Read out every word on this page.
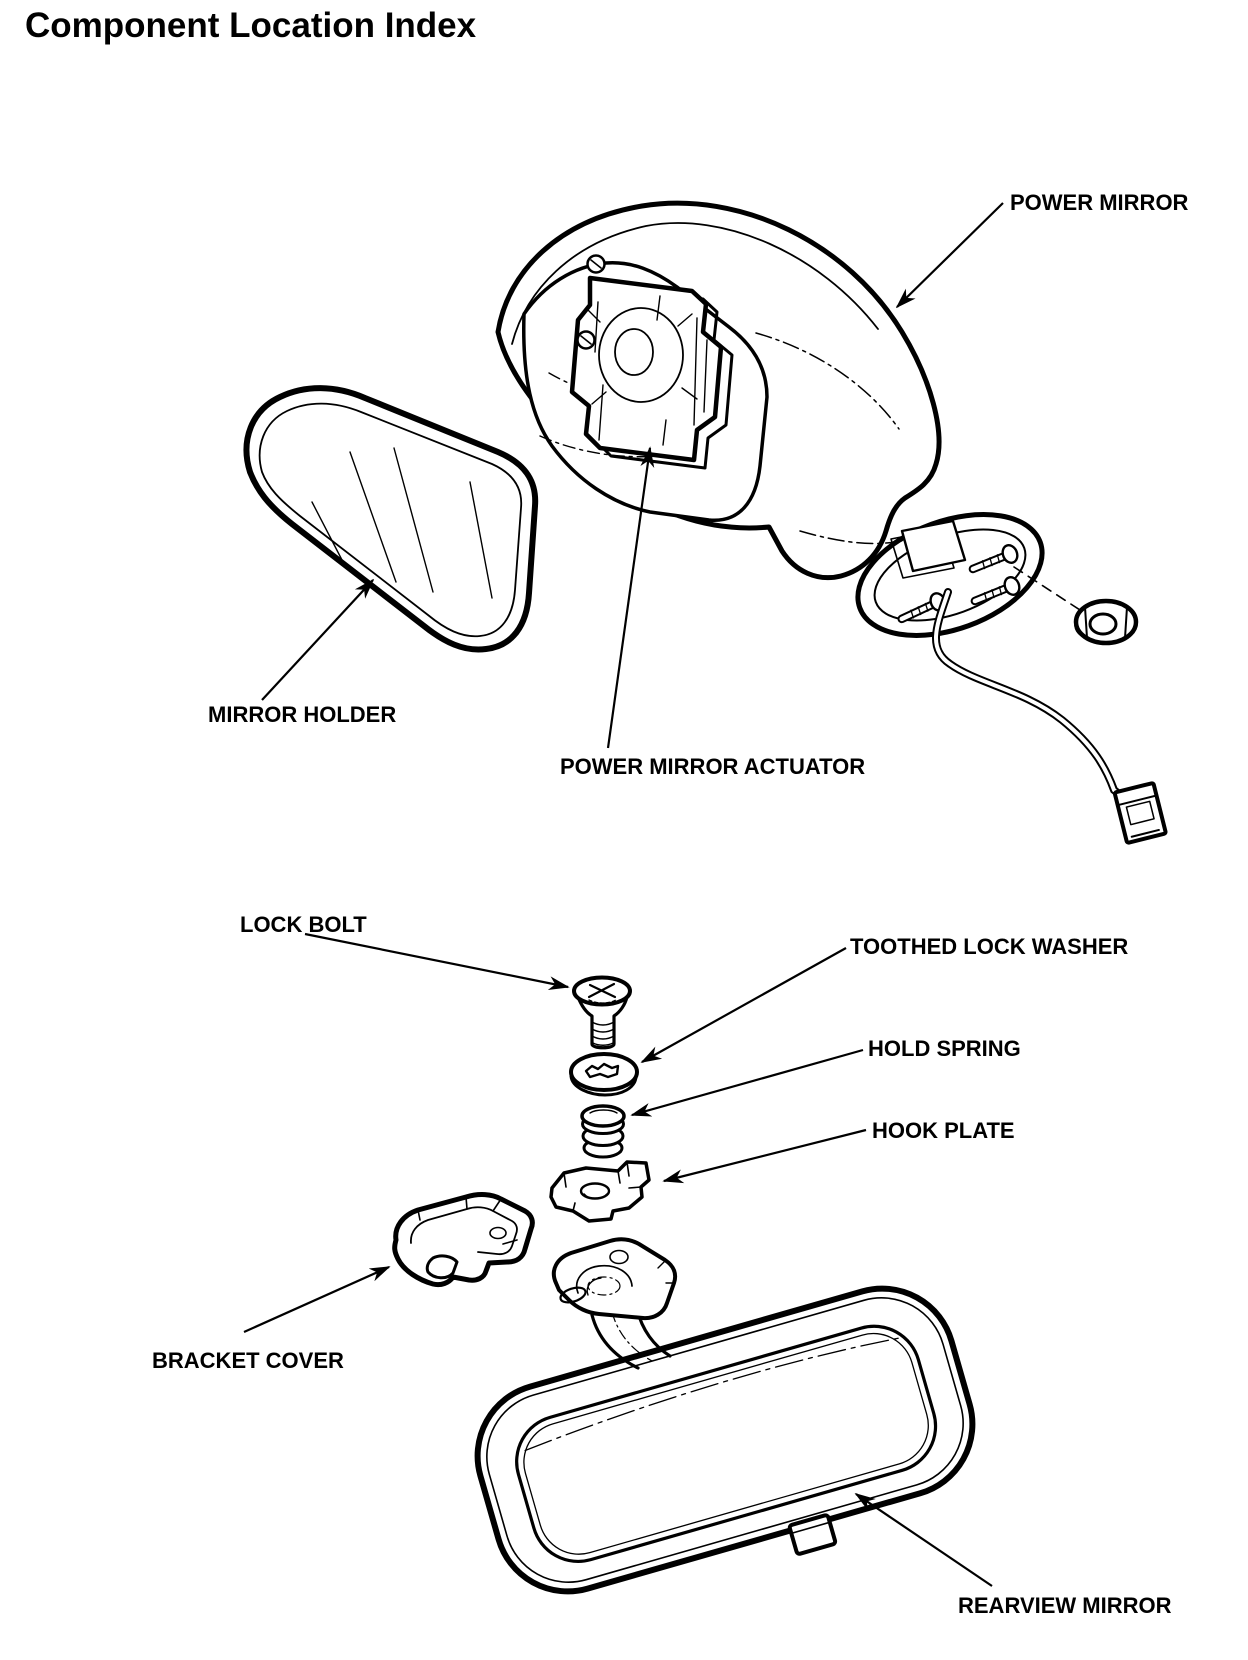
Component Location Index
POWER MIRROR
MIRROR HOLDER
POWER MIRROR ACTUATOR
LOCK BOLT
TOOTHED LOCK WASHER
HOLD SPRING
HOOK PLATE
BRACKET COVER
REARVIEW MIRROR
